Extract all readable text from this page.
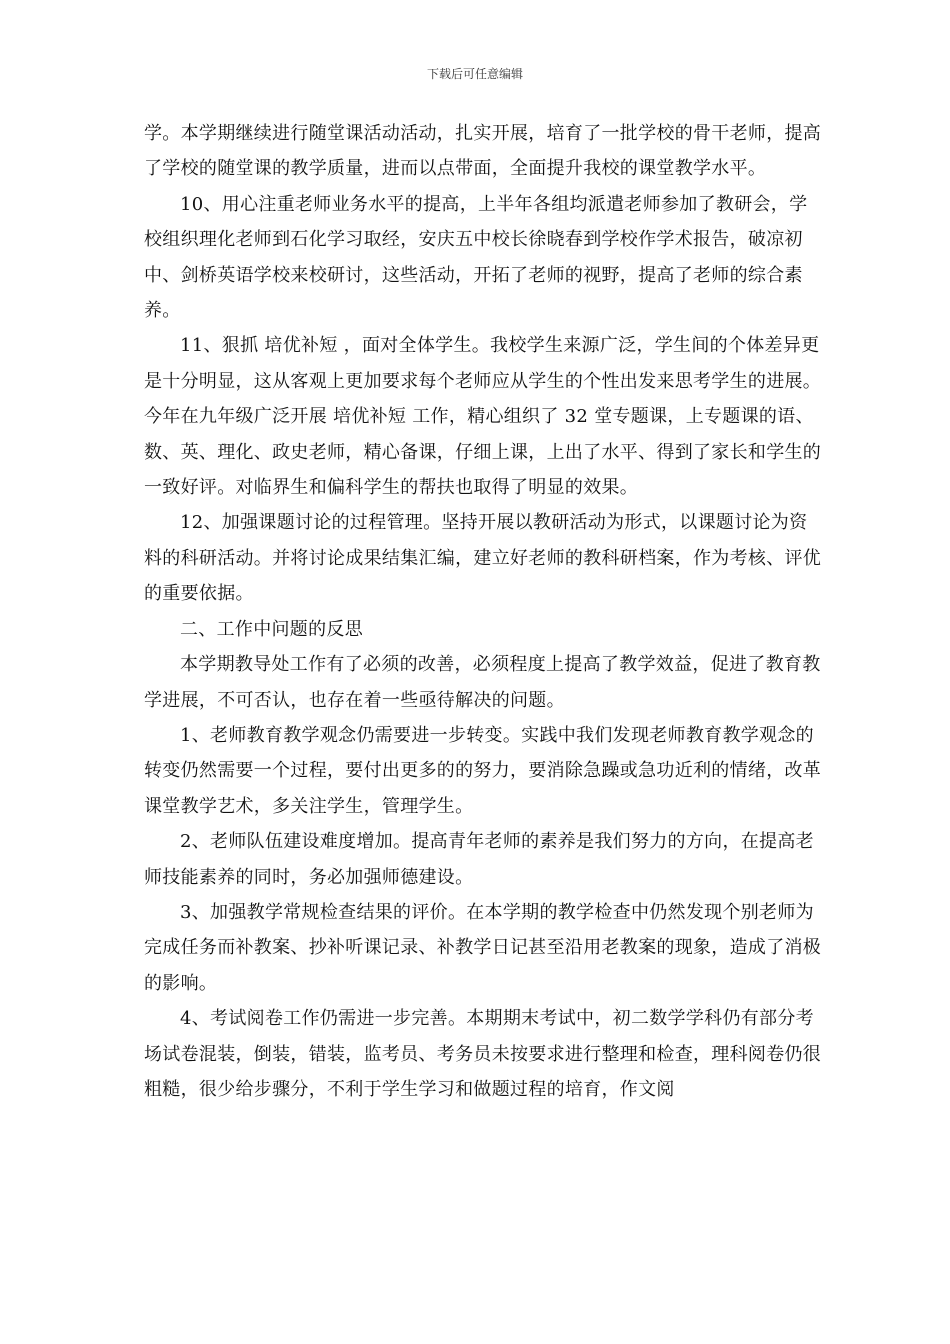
下载后可任意编辑

学。本学期继续进行随堂课活动活动，扎实开展，培育了一批学校的骨干老师，提高了学校的随堂课的教学质量，进而以点带面，全面提升我校的课堂教学水平。

10、用心注重老师业务水平的提高，上半年各组均派遣老师参加了教研会，学校组织理化老师到石化学习取经，安庆五中校长徐晓春到学校作学术报告，破凉初中、剑桥英语学校来校研讨，这些活动，开拓了老师的视野，提高了老师的综合素养。

11、狠抓 培优补短 ，面对全体学生。我校学生来源广泛，学生间的个体差异更是十分明显，这从客观上更加要求每个老师应从学生的个性出发来思考学生的进展。今年在九年级广泛开展 培优补短 工作，精心组织了 32 堂专题课，上专题课的语、数、英、理化、政史老师，精心备课，仔细上课，上出了水平、得到了家长和学生的一致好评。对临界生和偏科学生的帮扶也取得了明显的效果。

12、加强课题讨论的过程管理。坚持开展以教研活动为形式，以课题讨论为资料的科研活动。并将讨论成果结集汇编，建立好老师的教科研档案，作为考核、评优的重要依据。

二、工作中问题的反思

本学期教导处工作有了必须的改善，必须程度上提高了教学效益，促进了教育教学进展，不可否认，也存在着一些亟待解决的问题。

1、老师教育教学观念仍需要进一步转变。实践中我们发现老师教育教学观念的转变仍然需要一个过程，要付出更多的的努力，要消除急躁或急功近利的情绪，改革课堂教学艺术，多关注学生，管理学生。

2、老师队伍建设难度增加。提高青年老师的素养是我们努力的方向，在提高老师技能素养的同时，务必加强师德建设。

3、加强教学常规检查结果的评价。在本学期的教学检查中仍然发现个别老师为完成任务而补教案、抄补听课记录、补教学日记甚至沿用老教案的现象，造成了消极的影响。

4、考试阅卷工作仍需进一步完善。本期期末考试中，初二数学学科仍有部分考场试卷混装，倒装，错装，监考员、考务员未按要求进行整理和检查，理科阅卷仍很粗糙，很少给步骤分，不利于学生学习和做题过程的培育，作文阅
